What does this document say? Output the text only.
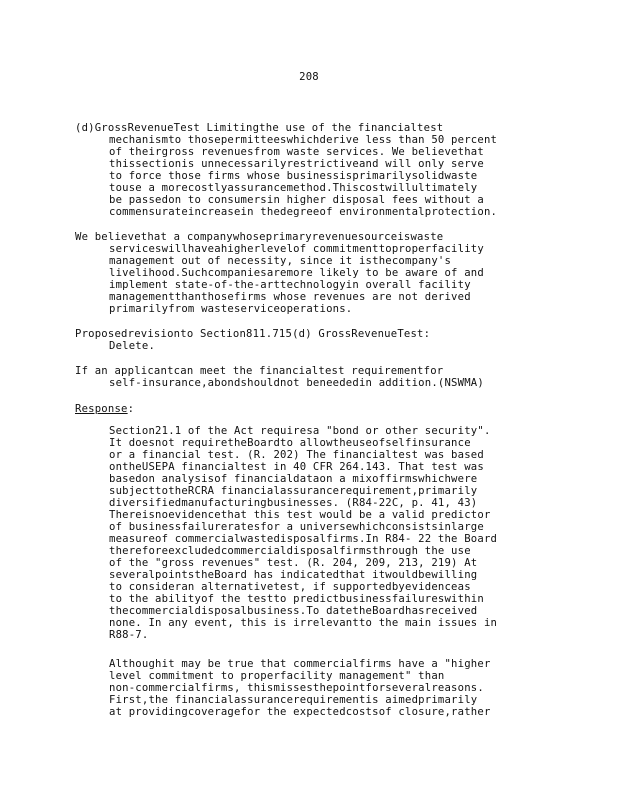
208
(d)GrossRevenueTest Limitingthe use of the financialtest
mechanismto thosepermitteeswhichderive less than 50 percent
of theirgross revenuesfrom waste services. We believethat
thissectionis unnecessarilyrestrictiveand will only serve
to force those firms whose businessisprimarilysolidwaste
touse a morecostlyassurancemethod.Thiscostwillultimately
be passedon to consumersin higher disposal fees without a
commensurateincreasein thedegreeof environmentalprotection.
We believethat a companywhoseprimaryrevenuesourceiswaste
serviceswillhaveahigherlevelof commitmenttoproperfacility
management out of necessity, since it isthecompany's
livelihood.Suchcompaniesaremore likely to be aware of and
implement state-of-the-arttechnologyin overall facility
managementthanthosefirms whose revenues are not derived
primarilyfrom wasteserviceoperations.
Proposedrevisionto Section811.715(d) GrossRevenueTest:
Delete.
If an applicantcan meet the financialtest requirementfor
self-insurance,abondshouldnot beneededin addition.(NSWMA)
Response:
Section21.1 of the Act requiresa "bond or other security".
It doesnot requiretheBoardto allowtheuseofselfinsurance
or a financial test. (R. 202) The financialtest was based
ontheUSEPA financialtest in 40 CFR 264.143. That test was
basedon analysisof financialdataon a mixoffirmswhichwere
subjecttotheRCRA financialassurancerequirement,primarily
diversifiedmanufacturingbusinesses. (R84-22C, p. 41, 43)
Thereisnoevidencethat this test would be a valid predictor
of businessfailureratesfor a universewhichconsistsinlarge
measureof commercialwastedisposalfirms.In R84- 22 the Board
thereforeexcludedcommercialdisposalfirmsthrough the use
of the "gross revenues" test. (R. 204, 209, 213, 219) At
severalpointstheBoard has indicatedthat itwouldbewilling
to consideran alternativetest, if supportedbyevidenceas
to the abilityof the testto predictbusinessfailureswithin
thecommercialdisposalbusiness.To datetheBoardhasreceived
none. In any event, this is irrelevantto the main issues in
R88-7.
Althoughit may be true that commercialfirms have a "higher
level commitment to properfacility management" than
non-commercialfirms, thismissesthepointforseveralreasons.
First,the financialassurancerequirementis aimedprimarily
at providingcoveragefor the expectedcostsof closure,rather
